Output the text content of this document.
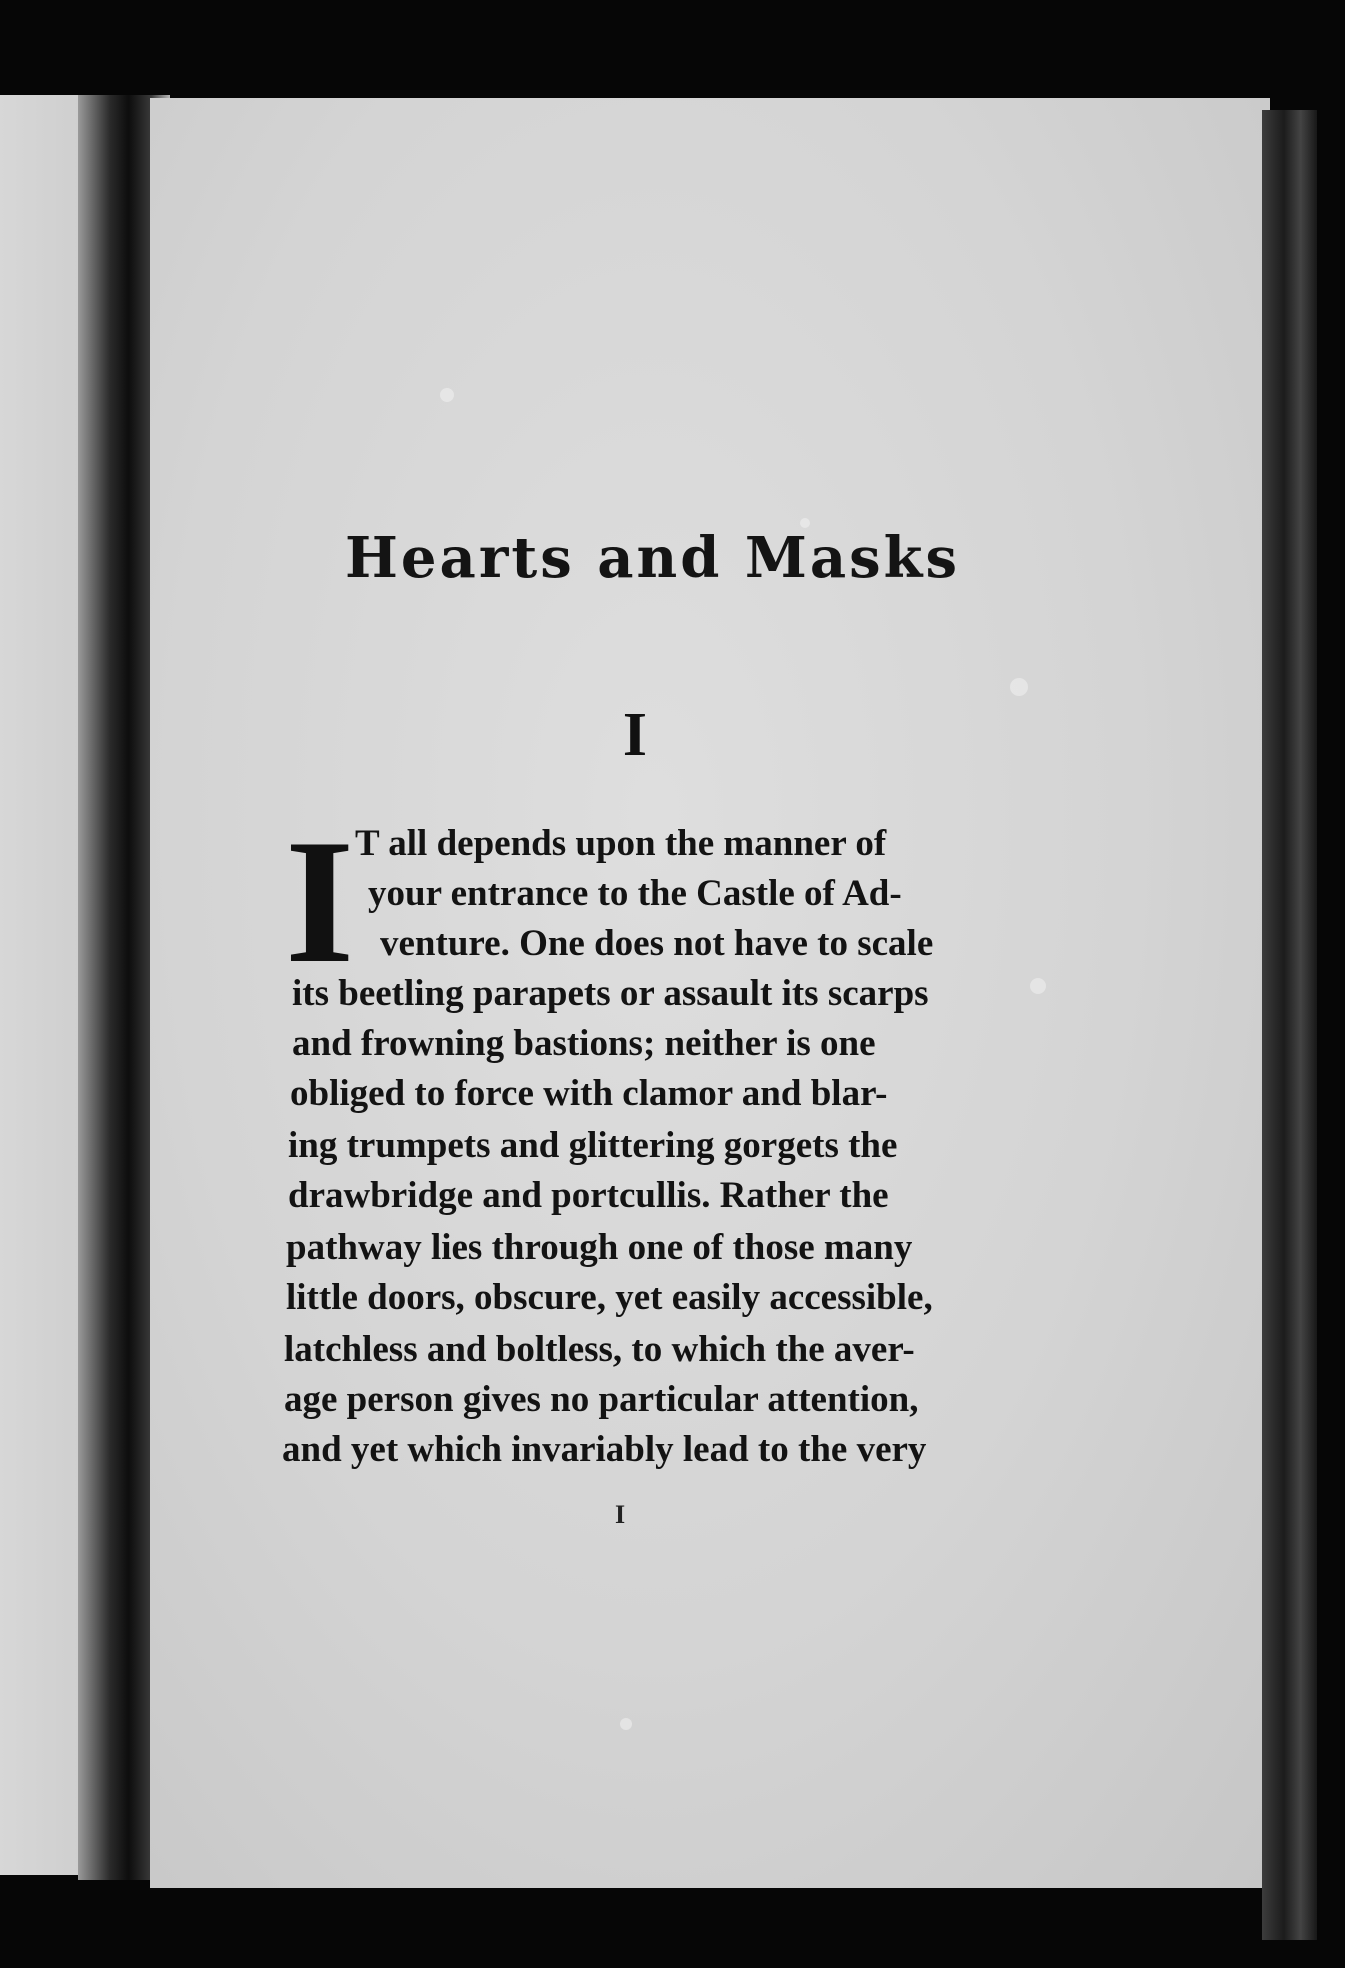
Hearts and Masks
I
I T all depends upon the manner of
your entrance to the Castle of Ad-
venture. One does not have to scale
its beetling parapets or assault its scarps
and frowning bastions; neither is one
obliged to force with clamor and blar-
ing trumpets and glittering gorgets the
drawbridge and portcullis. Rather the
pathway lies through one of those many
little doors, obscure, yet easily accessible,
latchless and boltless, to which the aver-
age person gives no particular attention,
and yet which invariably lead to the very
I
